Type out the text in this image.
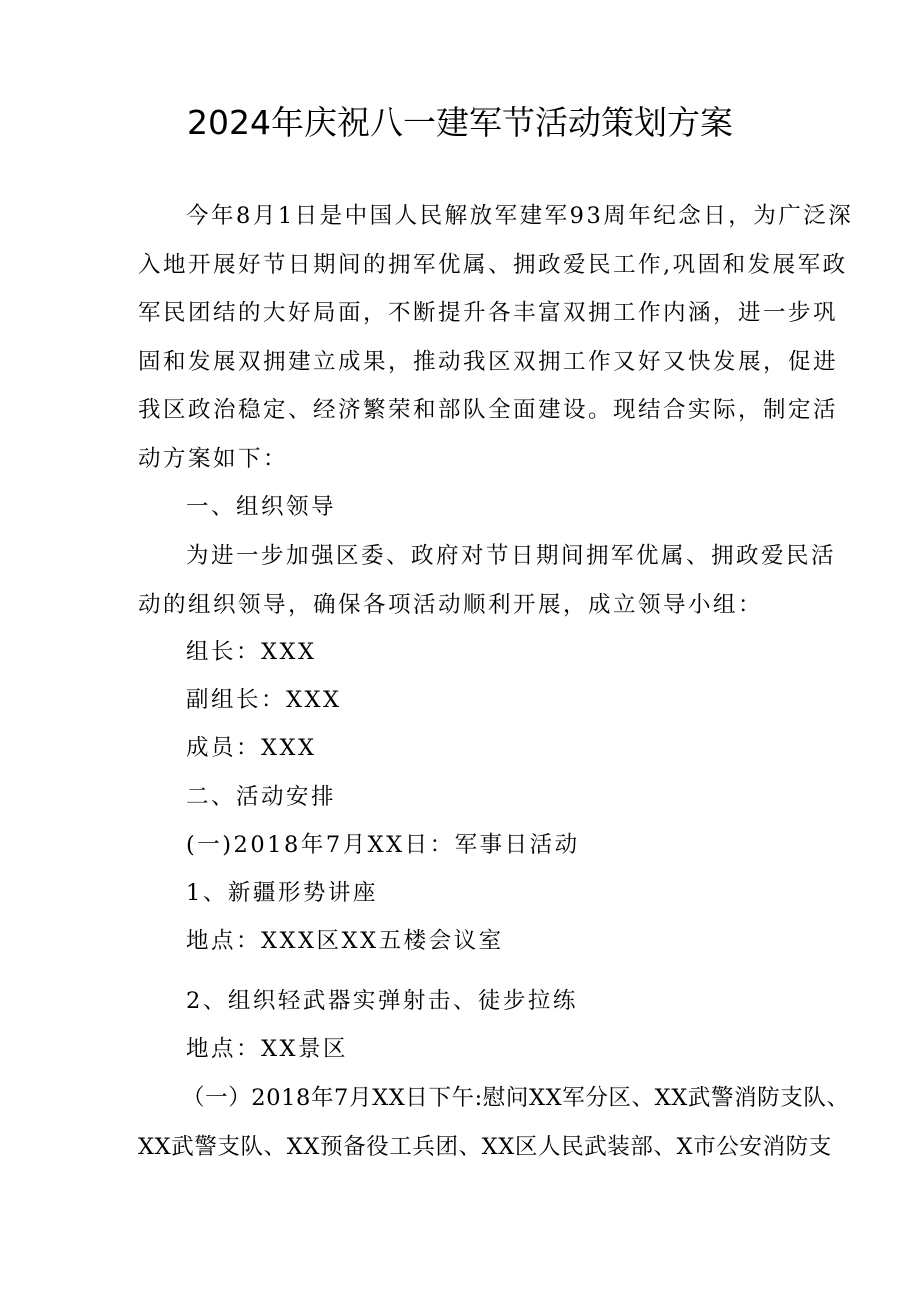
2024年庆祝八一建军节活动策划方案
今年8月1日是中国人民解放军建军93周年纪念日，为广泛深
入地开展好节日期间的拥军优属、拥政爱民工作,巩固和发展军政
军民团结的大好局面，不断提升各丰富双拥工作内涵，进一步巩
固和发展双拥建立成果，推动我区双拥工作又好又快发展，促进
我区政治稳定、经济繁荣和部队全面建设。现结合实际，制定活
动方案如下：
一、组织领导
为进一步加强区委、政府对节日期间拥军优属、拥政爱民活
动的组织领导，确保各项活动顺利开展，成立领导小组：
组长：XXX
副组长：XXX
成员：XXX
二、活动安排
(一)2018年7月XX日：军事日活动
1、新疆形势讲座
地点：XXX区XX五楼会议室
2、组织轻武器实弹射击、徒步拉练
地点：XX景区
（一）2018年7月XX日下午:慰问XX军分区、XX武警消防支队、
XX武警支队、XX预备役工兵团、XX区人民武装部、X市公安消防支
